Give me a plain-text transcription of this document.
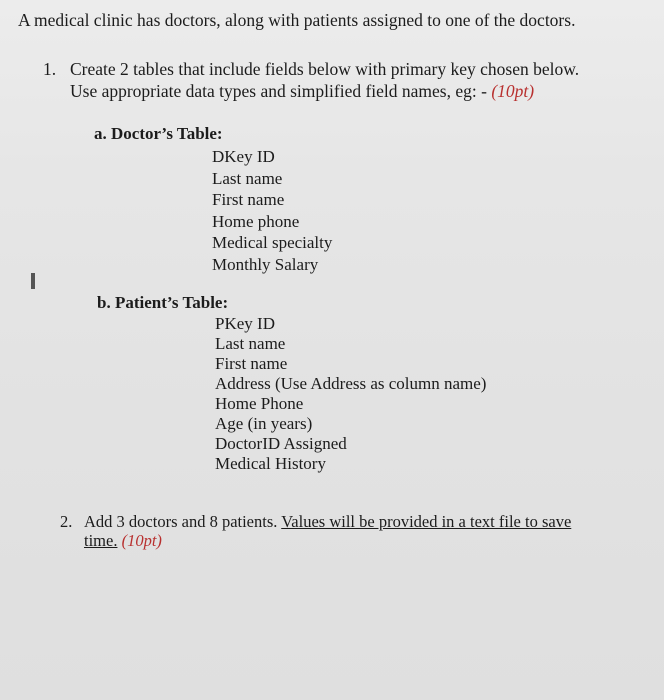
A medical clinic has doctors, along with patients assigned to one of the doctors.
1. Create 2 tables that include fields below with primary key chosen below.
Use appropriate data types and simplified field names, eg: - (10pt)
a. Doctor’s Table:
DKey ID
Last name
First name
Home phone
Medical specialty
Monthly Salary
b. Patient’s Table:
PKey ID
Last name
First name
Address (Use Address as column name)
Home Phone
Age (in years)
DoctorID Assigned
Medical History
2. Add 3 doctors and 8 patients. Values will be provided in a text file to save
time. (10pt)
